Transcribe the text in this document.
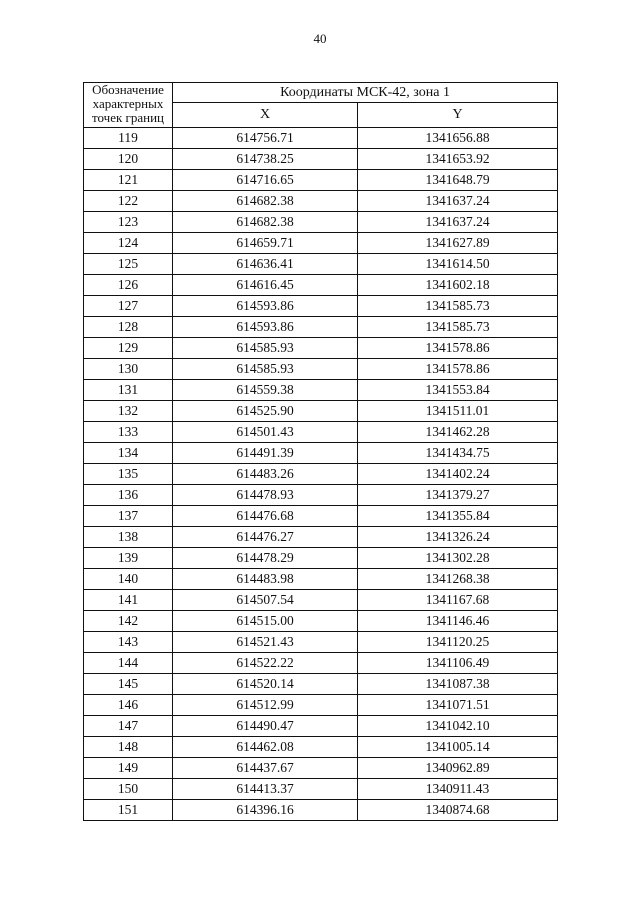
40
Обозначение
характерных
точек границ	Координаты МСК-42, зона 1	
	X	Y
119	614756.71	1341656.88
120	614738.25	1341653.92
121	614716.65	1341648.79
122	614682.38	1341637.24
123	614682.38	1341637.24
124	614659.71	1341627.89
125	614636.41	1341614.50
126	614616.45	1341602.18
127	614593.86	1341585.73
128	614593.86	1341585.73
129	614585.93	1341578.86
130	614585.93	1341578.86
131	614559.38	1341553.84
132	614525.90	1341511.01
133	614501.43	1341462.28
134	614491.39	1341434.75
135	614483.26	1341402.24
136	614478.93	1341379.27
137	614476.68	1341355.84
138	614476.27	1341326.24
139	614478.29	1341302.28
140	614483.98	1341268.38
141	614507.54	1341167.68
142	614515.00	1341146.46
143	614521.43	1341120.25
144	614522.22	1341106.49
145	614520.14	1341087.38
146	614512.99	1341071.51
147	614490.47	1341042.10
148	614462.08	1341005.14
149	614437.67	1340962.89
150	614413.37	1340911.43
151	614396.16	1340874.68
